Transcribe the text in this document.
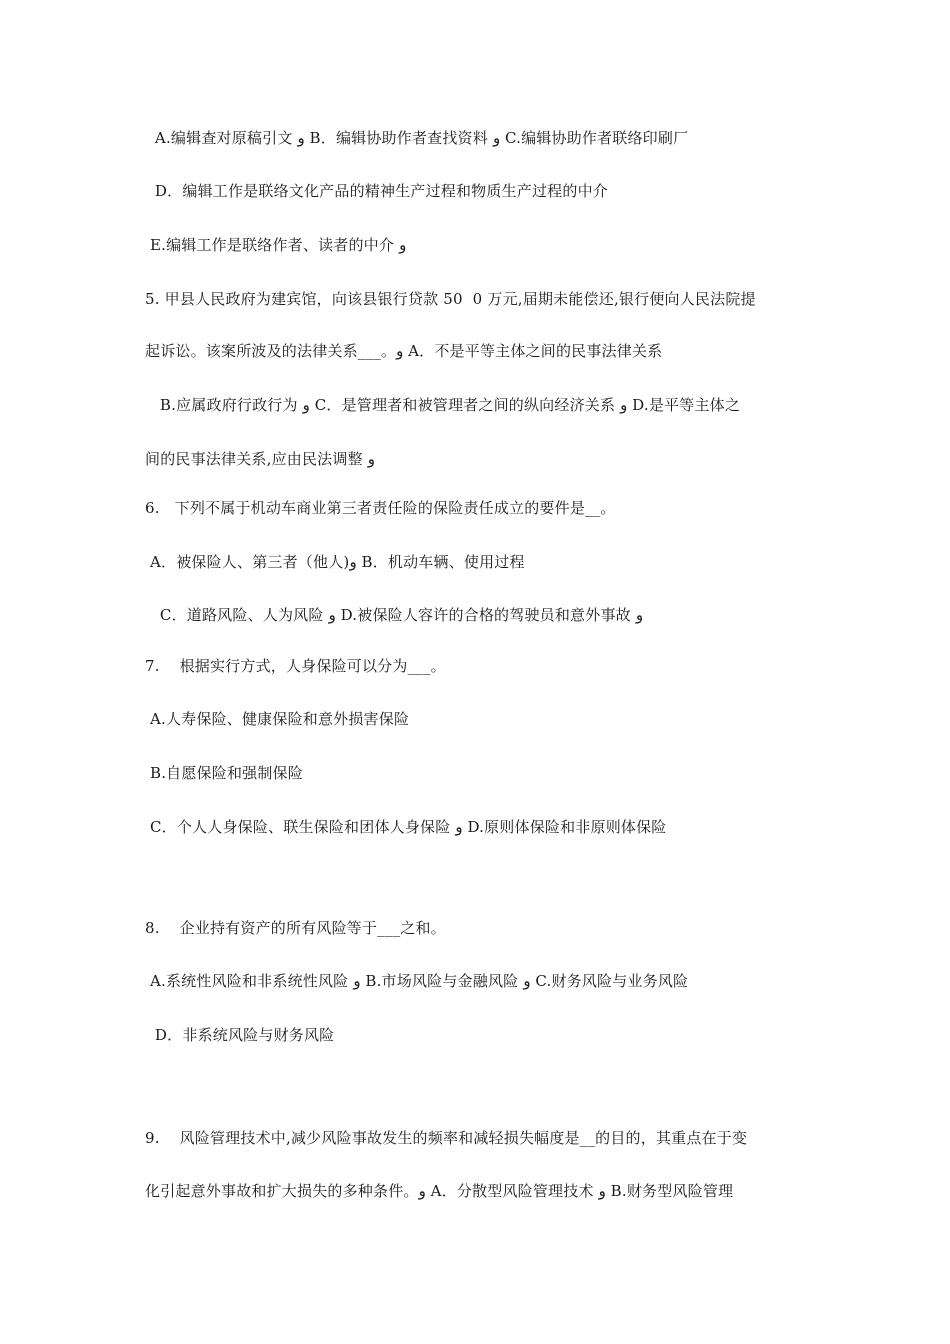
A.编辑查对原稿引文 ‌و B．编辑协助作者查找资料 ‌و C.编辑协助作者联络印刷厂
D．编辑工作是联络文化产品的精神生产过程和物质生产过程的中介
E.编辑工作是联络作者、读者的中介 و
5. 甲县人民政府为建宾馆，向该县银行贷款 50  0 万元,届期未能偿还,银行便向人民法院提
起诉讼。该案所波及的法律关系___。و A．不是平等主体之间的民事法律关系
B.应属政府行政行为 و C．是管理者和被管理者之间的纵向经济关系 و D.是平等主体之
间的民事法律关系,应由民法调整 و
6.   下列不属于机动车商业第三者责任险的保险责任成立的要件是__。
A．被保险人、第三者（他人)و B．机动车辆、使用过程
C．道路风险、人为风险 و D.被保险人容许的合格的驾驶员和意外事故 و
7.    根据实行方式，人身保险可以分为___。
A.人寿保险、健康保险和意外损害保险
B.自愿保险和强制保险
C．个人人身保险、联生保险和团体人身保险 و D.原则体保险和非原则体保险
8.    企业持有资产的所有风险等于___之和。
A.系统性风险和非系统性风险 و B.市场风险与金融风险 و C.财务风险与业务风险
D．非系统风险与财务风险
9.    风险管理技术中,减少风险事故发生的频率和减轻损失幅度是__的目的，其重点在于变
化引起意外事故和扩大损失的多种条件。و A．分散型风险管理技术 و B.财务型风险管理
